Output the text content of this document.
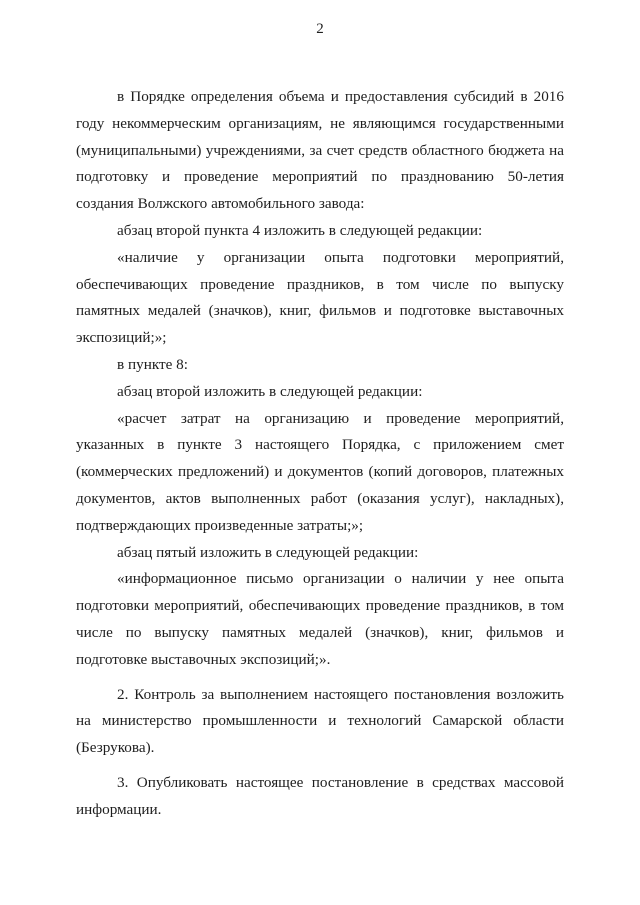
2

в Порядке определения объема и предоставления субсидий в 2016 году некоммерческим организациям, не являющимся государственными (муниципальными) учреждениями, за счет средств областного бюджета на подготовку и проведение мероприятий по празднованию 50-летия создания Волжского автомобильного завода:

абзац второй пункта 4 изложить в следующей редакции:

«наличие у организации опыта подготовки мероприятий, обеспечивающих проведение праздников, в том числе по выпуску памятных медалей (значков), книг, фильмов и подготовке выставочных экспозиций;»;

в пункте 8:

абзац второй изложить в следующей редакции:

«расчет затрат на организацию и проведение мероприятий, указанных в пункте 3 настоящего Порядка, с приложением смет (коммерческих предложений) и документов (копий договоров, платежных документов, актов выполненных работ (оказания услуг), накладных), подтверждающих произведенные затраты;»;

абзац пятый изложить в следующей редакции:

«информационное письмо организации о наличии у нее опыта подготовки мероприятий, обеспечивающих проведение праздников, в том числе по выпуску памятных медалей (значков), книг, фильмов и подготовке выставочных экспозиций;».

2. Контроль за выполнением настоящего постановления возложить на министерство промышленности и технологий Самарской области (Безрукова).

3. Опубликовать настоящее постановление в средствах массовой информации.
